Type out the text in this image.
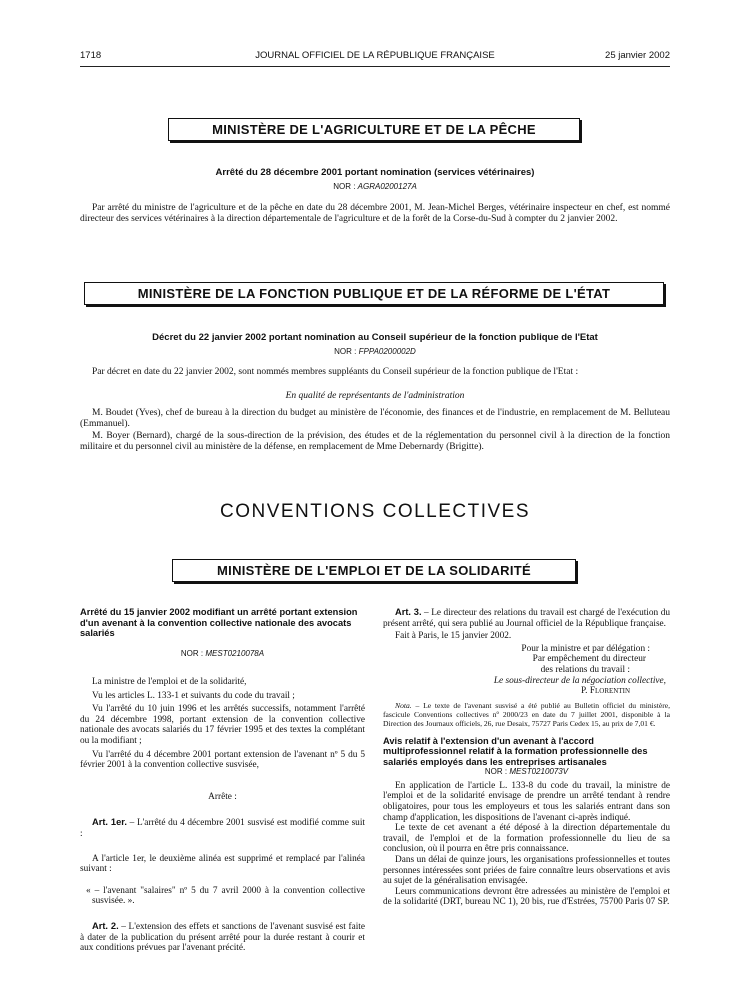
1718	JOURNAL OFFICIEL DE LA RÉPUBLIQUE FRANÇAISE	25 janvier 2002
MINISTÈRE DE L'AGRICULTURE ET DE LA PÊCHE
Arrêté du 28 décembre 2001 portant nomination (services vétérinaires)
NOR : AGRA0200127A
Par arrêté du ministre de l'agriculture et de la pêche en date du 28 décembre 2001, M. Jean-Michel Berges, vétérinaire inspecteur en chef, est nommé directeur des services vétérinaires à la direction départementale de l'agriculture et de la forêt de la Corse-du-Sud à compter du 2 janvier 2002.
MINISTÈRE DE LA FONCTION PUBLIQUE ET DE LA RÉFORME DE L'ÉTAT
Décret du 22 janvier 2002 portant nomination au Conseil supérieur de la fonction publique de l'Etat
NOR : FPPA0200002D
Par décret en date du 22 janvier 2002, sont nommés membres suppléants du Conseil supérieur de la fonction publique de l'Etat :
En qualité de représentants de l'administration
M. Boudet (Yves), chef de bureau à la direction du budget au ministère de l'économie, des finances et de l'industrie, en remplacement de M. Belluteau (Emmanuel).
M. Boyer (Bernard), chargé de la sous-direction de la prévision, des études et de la réglementation du personnel civil à la direction de la fonction militaire et du personnel civil au ministère de la défense, en remplacement de Mme Debernardy (Brigitte).
CONVENTIONS COLLECTIVES
MINISTÈRE DE L'EMPLOI ET DE LA SOLIDARITÉ

Arrêté du 15 janvier 2002 modifiant un arrêté portant extension d'un avenant à la convention collective nationale des avocats salariés

NOR : MEST0210078A

La ministre de l'emploi et de la solidarité,

Vu les articles L. 133-1 et suivants du code du travail ;

Vu l'arrêté du 10 juin 1996 et les arrêtés successifs, notamment l'arrêté du 24 décembre 1998, portant extension de la convention collective nationale des avocats salariés du 17 février 1995 et des textes la complétant ou la modifiant ;

Vu l'arrêté du 4 décembre 2001 portant extension de l'avenant nº 5 du 5 février 2001 à la convention collective susvisée,

Arrête :

Art. 1er. – L'arrêté du 4 décembre 2001 susvisé est modifié comme suit :

A l'article 1er, le deuxième alinéa est supprimé et remplacé par l'alinéa suivant :

« – l'avenant "salaires" nº 5 du 7 avril 2000 à la convention collective susvisée. ».

Art. 2. – L'extension des effets et sanctions de l'avenant susvisé est faite à dater de la publication du présent arrêté pour la durée restant à courir et aux conditions prévues par l'avenant précité.

Art. 3. – Le directeur des relations du travail est chargé de l'exécution du présent arrêté, qui sera publié au Journal officiel de la République française.

Fait à Paris, le 15 janvier 2002.

Pour la ministre et par délégation :

Par empêchement du directeur

des relations du travail :

Le sous-directeur de la négociation collective,

P. Florentin

Nota. – Le texte de l'avenant susvisé a été publié au Bulletin officiel du ministère, fascicule Conventions collectives nº 2000/23 en date du 7 juillet 2001, disponible à la Direction des Journaux officiels, 26, rue Desaix, 75727 Paris Cedex 15, au prix de 7,01 €.

Avis relatif à l'extension d'un avenant à l'accord multiprofessionnel relatif à la formation professionnelle des salariés employés dans les entreprises artisanales

NOR : MEST0210073V

En application de l'article L. 133-8 du code du travail, la ministre de l'emploi et de la solidarité envisage de prendre un arrêté tendant à rendre obligatoires, pour tous les employeurs et tous les salariés entrant dans son champ d'application, les dispositions de l'avenant ci-après indiqué.

Le texte de cet avenant a été déposé à la direction départementale du travail, de l'emploi et de la formation professionnelle du lieu de sa conclusion, où il pourra en être pris connaissance.

Dans un délai de quinze jours, les organisations professionnelles et toutes personnes intéressées sont priées de faire connaître leurs observations et avis au sujet de la généralisation envisagée.

Leurs communications devront être adressées au ministère de l'emploi et de la solidarité (DRT, bureau NC 1), 20 bis, rue d'Estrées, 75700 Paris 07 SP.
